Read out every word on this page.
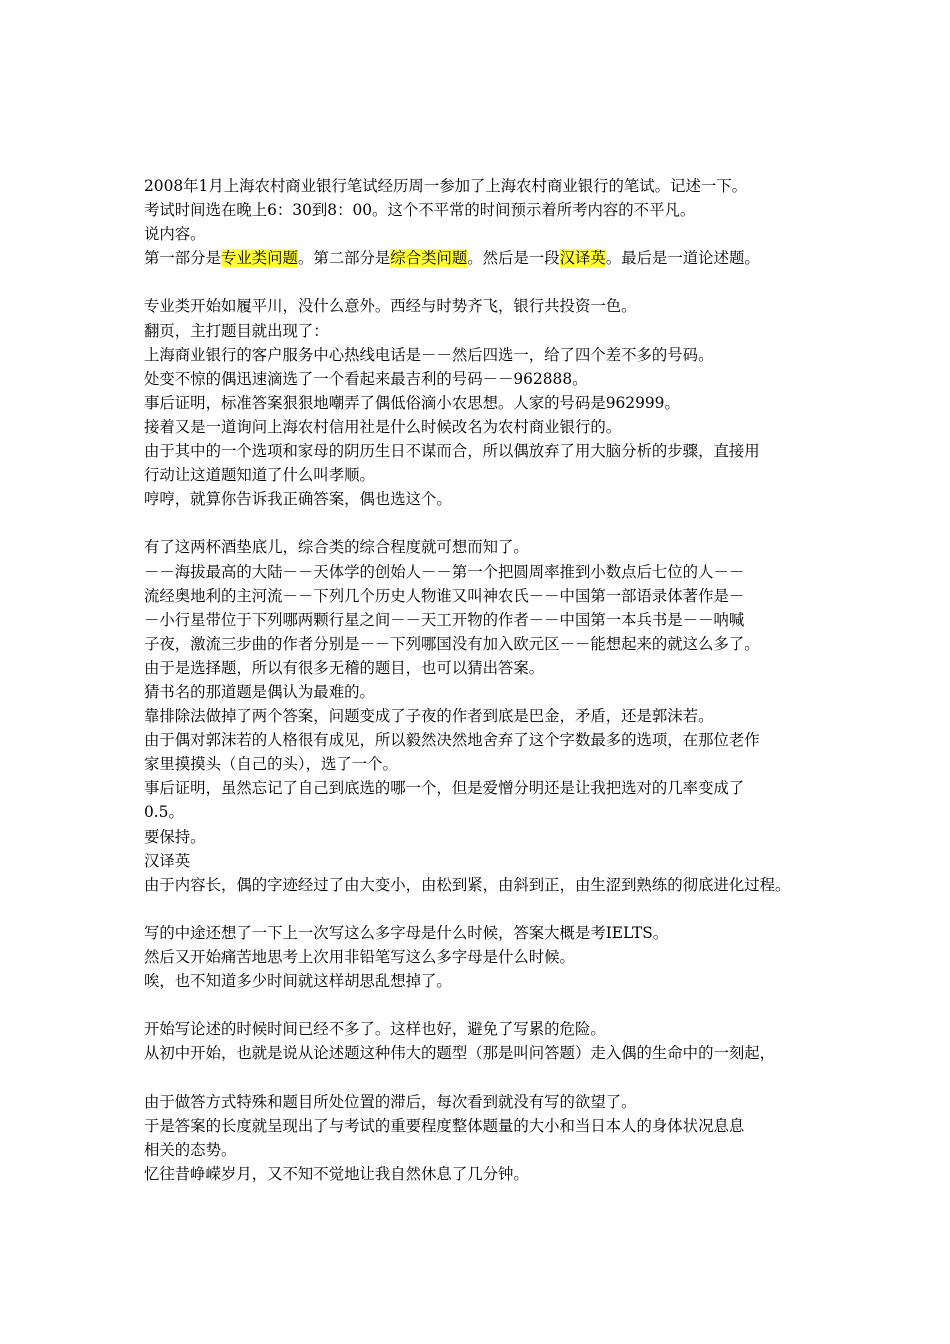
2008年1月上海农村商业银行笔试经历周一参加了上海农村商业银行的笔试。记述一下。
考试时间选在晚上6：30到8：00。这个不平常的时间预示着所考内容的不平凡。
说内容。
第一部分是专业类问题。第二部分是综合类问题。然后是一段汉译英。最后是一道论述题。
专业类开始如履平川，没什么意外。西经与时势齐飞，银行共投资一色。
翻页，主打题目就出现了：
上海商业银行的客户服务中心热线电话是－－然后四选一，给了四个差不多的号码。
处变不惊的偶迅速滴选了一个看起来最吉利的号码－－962888。
事后证明，标准答案狠狠地嘲弄了偶低俗滴小农思想。人家的号码是962999。
接着又是一道询问上海农村信用社是什么时候改名为农村商业银行的。
由于其中的一个选项和家母的阴历生日不谋而合，所以偶放弃了用大脑分析的步骤，直接用
行动让这道题知道了什么叫孝顺。
哼哼，就算你告诉我正确答案，偶也选这个。
有了这两杯酒垫底儿，综合类的综合程度就可想而知了。
－－海拔最高的大陆－－天体学的创始人－－第一个把圆周率推到小数点后七位的人－－
流经奥地利的主河流－－下列几个历史人物谁又叫神农氏－－中国第一部语录体著作是－
－小行星带位于下列哪两颗行星之间－－天工开物的作者－－中国第一本兵书是－－呐喊
子夜，激流三步曲的作者分别是－－下列哪国没有加入欧元区－－能想起来的就这么多了。
由于是选择题，所以有很多无稽的题目，也可以猜出答案。
猜书名的那道题是偶认为最难的。
靠排除法做掉了两个答案，问题变成了子夜的作者到底是巴金，矛盾，还是郭沫若。
由于偶对郭沫若的人格很有成见，所以毅然决然地舍弃了这个字数最多的选项，在那位老作
家里摸摸头（自己的头），选了一个。
事后证明，虽然忘记了自己到底选的哪一个，但是爱憎分明还是让我把选对的几率变成了
0.5。
要保持。
汉译英
由于内容长，偶的字迹经过了由大变小，由松到紧，由斜到正，由生涩到熟练的彻底进化过程。
写的中途还想了一下上一次写这么多字母是什么时候，答案大概是考IELTS。
然后又开始痛苦地思考上次用非铅笔写这么多字母是什么时候。
唉，也不知道多少时间就这样胡思乱想掉了。
开始写论述的时候时间已经不多了。这样也好，避免了写累的危险。
从初中开始，也就是说从论述题这种伟大的题型（那是叫问答题）走入偶的生命中的一刻起，
由于做答方式特殊和题目所处位置的滞后，每次看到就没有写的欲望了。
于是答案的长度就呈现出了与考试的重要程度整体题量的大小和当日本人的身体状况息息
相关的态势。
忆往昔峥嵘岁月，又不知不觉地让我自然休息了几分钟。
